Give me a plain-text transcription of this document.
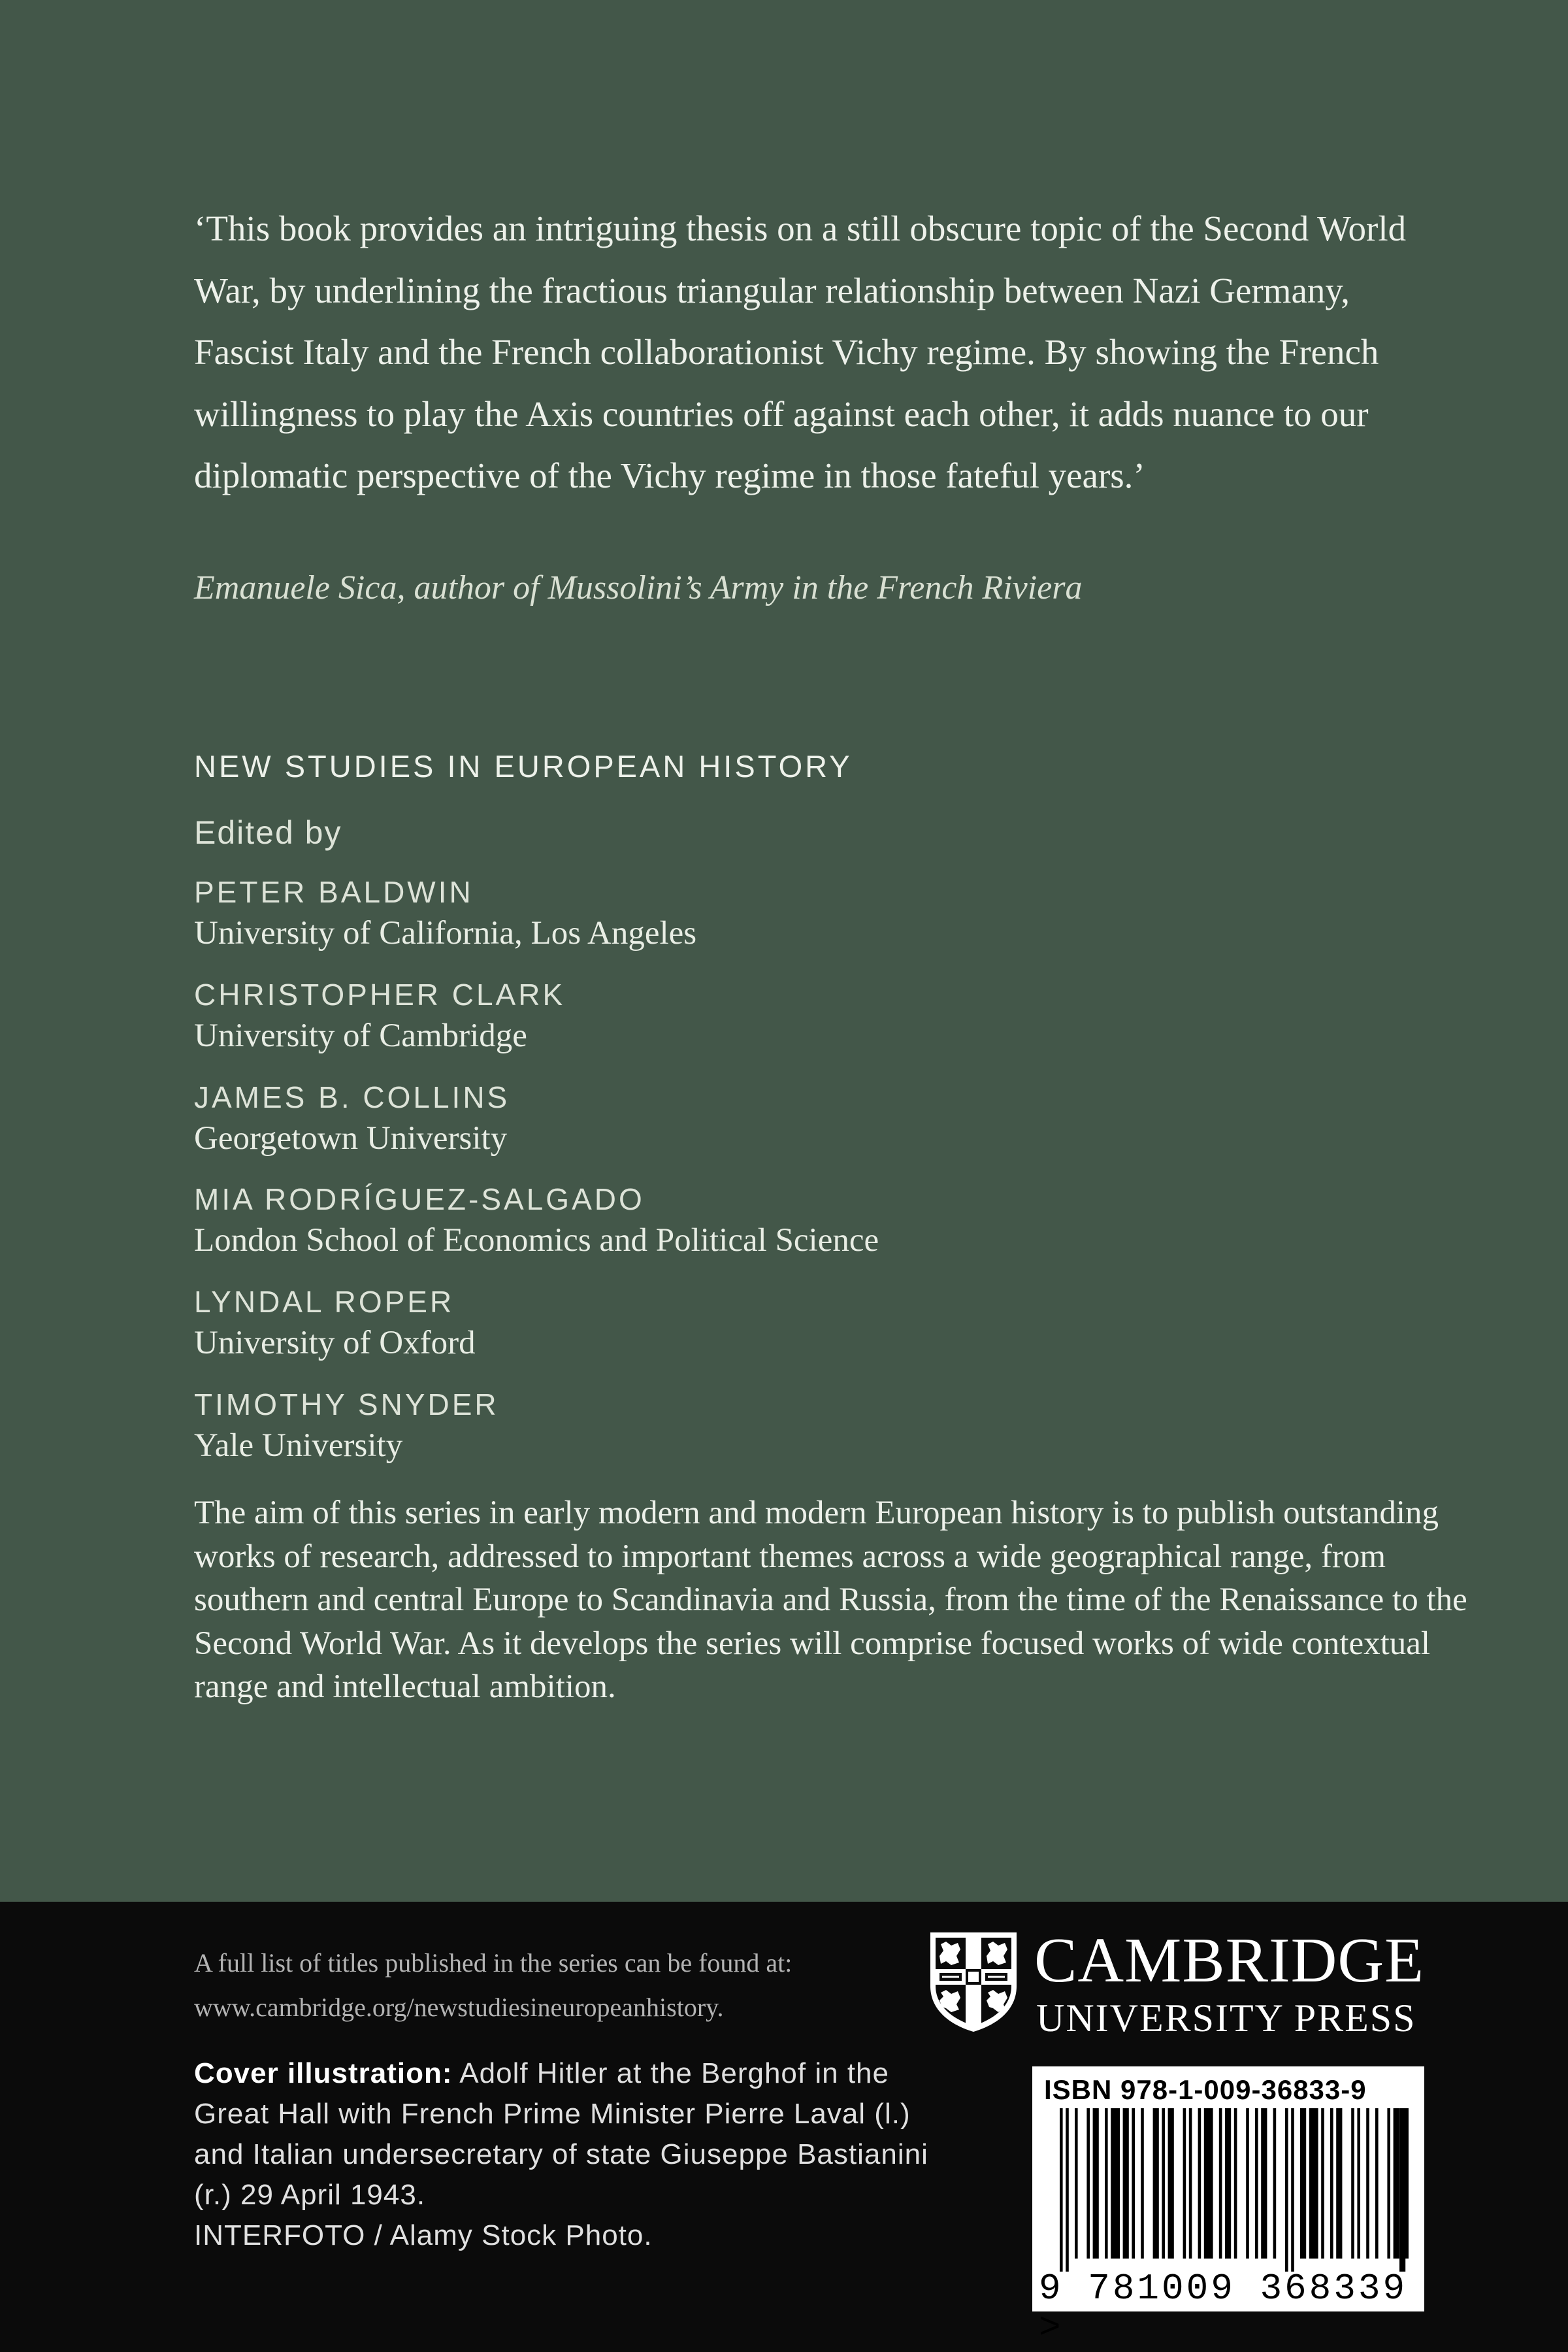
‘This book provides an intriguing thesis on a still obscure topic of the Second World War, by underlining the fractious triangular relationship between Nazi Germany, Fascist Italy and the French collaborationist Vichy regime. By showing the French willingness to play the Axis countries off against each other, it adds nuance to our diplomatic perspective of the Vichy regime in those fateful years.’

Emanuele Sica, author of Mussolini’s Army in the French Riviera
NEW STUDIES IN EUROPEAN HISTORY
Edited by
PETER BALDWIN
University of California, Los Angeles
CHRISTOPHER CLARK
University of Cambridge
JAMES B. COLLINS
Georgetown University
MIA RODRÍGUEZ-SALGADO
London School of Economics and Political Science
LYNDAL ROPER
University of Oxford
TIMOTHY SNYDER
Yale University

The aim of this series in early modern and modern European history is to publish outstanding works of research, addressed to important themes across a wide geographical range, from southern and central Europe to Scandinavia and Russia, from the time of the Renaissance to the Second World War. As it develops the series will comprise focused works of wide contextual range and intellectual ambition.

A full list of titles published in the series can be found at:
www.cambridge.org/newstudiesineuropeanhistory.

Cover illustration: Adolf Hitler at the Berghof in the Great Hall with French Prime Minister Pierre Laval (l.) and Italian undersecretary of state Giuseppe Bastianini (r.) 29 April 1943.
INTERFOTO / Alamy Stock Photo.

CAMBRIDGE
UNIVERSITY PRESS
ISBN 978-1-009-36833-9
9 781009 368339 >
